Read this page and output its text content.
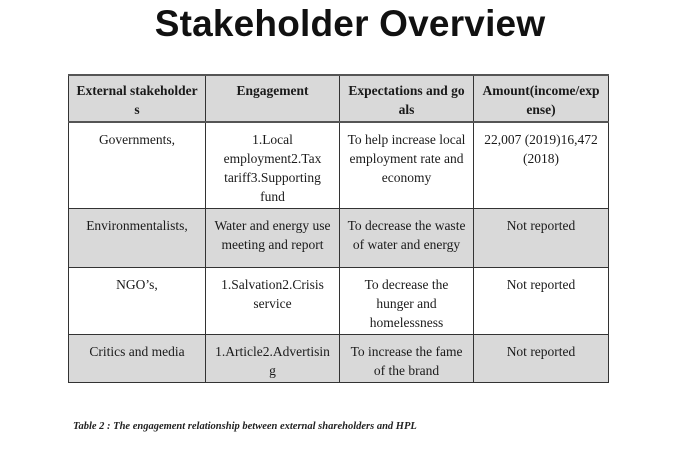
Stakeholder Overview
External stakeholders	Engagement	Expectations and goals	Amount(income/expense)
Governments,	1.Local employment2.Tax tariff3.Supporting fund	To help increase local employment rate and economy	22,007 (2019)16,472 (2018)
Environmentalists,	Water and energy use meeting and report	To decrease the waste of water and energy	Not reported
NGO’s,	1.Salvation2.Crisis service	To decrease the hunger and homelessness	Not reported
Critics and media	1.Article2.Advertising	To increase the fame of the brand	Not reported
Table 2 : The engagement relationship between external shareholders and HPL
